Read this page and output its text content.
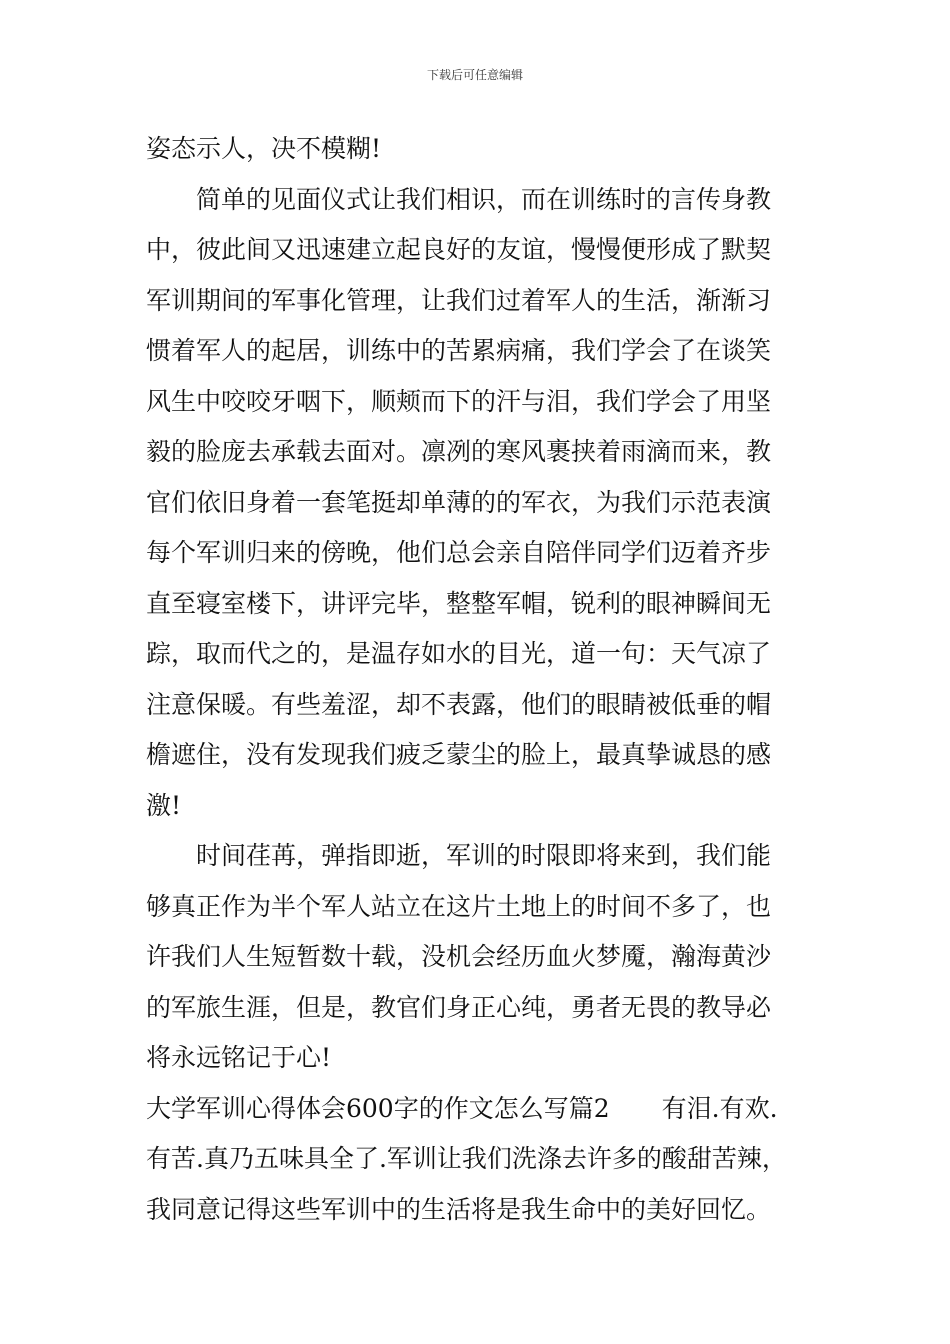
下载后可任意编辑
姿态示人，决不模糊!
简单的见面仪式让我们相识，而在训练时的言传身教
中，彼此间又迅速建立起良好的友谊，慢慢便形成了默契
军训期间的军事化管理，让我们过着军人的生活，渐渐习
惯着军人的起居，训练中的苦累病痛，我们学会了在谈笑
风生中咬咬牙咽下，顺颊而下的汗与泪，我们学会了用坚
毅的脸庞去承载去面对。凛冽的寒风裹挟着雨滴而来，教
官们依旧身着一套笔挺却单薄的的军衣，为我们示范表演
每个军训归来的傍晚，他们总会亲自陪伴同学们迈着齐步
直至寝室楼下，讲评完毕，整整军帽，锐利的眼神瞬间无
踪，取而代之的，是温存如水的目光，道一句：天气凉了
注意保暖。有些羞涩，却不表露，他们的眼睛被低垂的帽
檐遮住，没有发现我们疲乏蒙尘的脸上，最真挚诚恳的感
激!
时间荏苒，弹指即逝，军训的时限即将来到，我们能
够真正作为半个军人站立在这片土地上的时间不多了，也
许我们人生短暂数十载，没机会经历血火梦魇，瀚海黄沙
的军旅生涯，但是，教官们身正心纯，勇者无畏的教导必
将永远铭记于心!
大学军训心得体会600字的作文怎么写篇2 有泪.有欢.
有苦.真乃五味具全了.军训让我们洗涤去许多的酸甜苦辣，
我同意记得这些军训中的生活将是我生命中的美好回忆。
